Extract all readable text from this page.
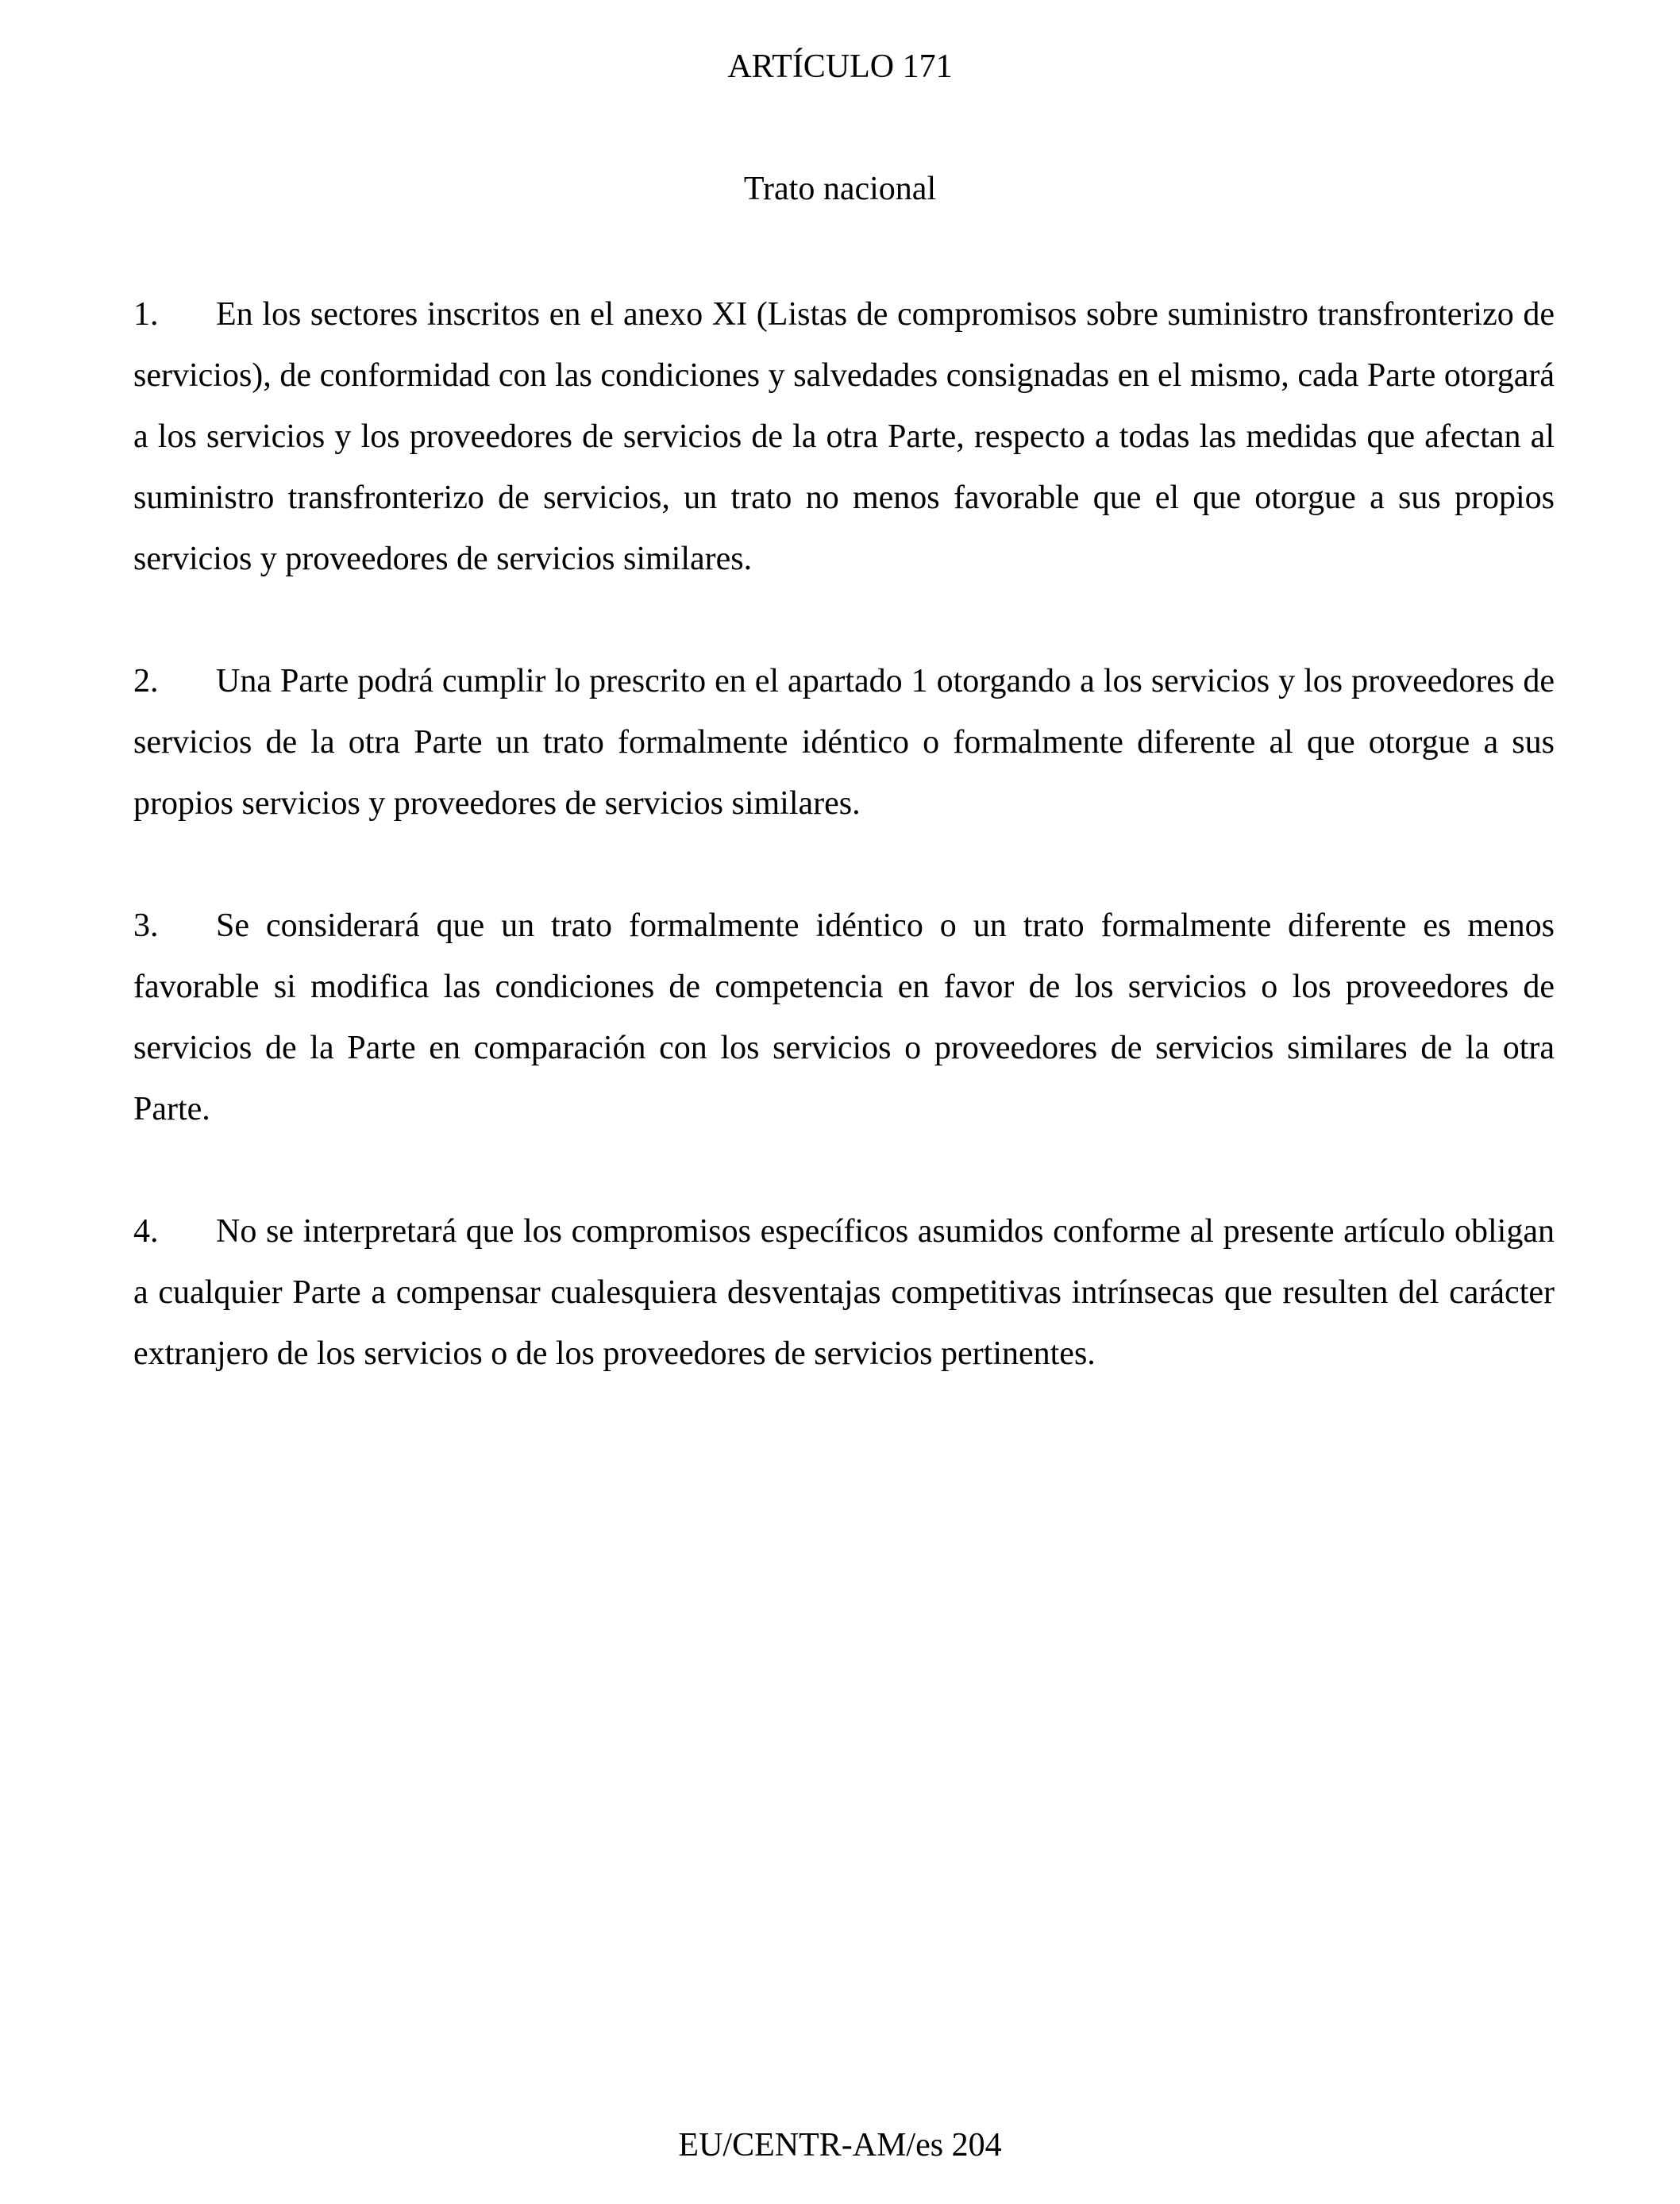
ARTÍCULO 171
Trato nacional

1. En los sectores inscritos en el anexo XI (Listas de compromisos sobre suministro transfronterizo de servicios), de conformidad con las condiciones y salvedades consignadas en el mismo, cada Parte otorgará a los servicios y los proveedores de servicios de la otra Parte, respecto a todas las medidas que afectan al suministro transfronterizo de servicios, un trato no menos favorable que el que otorgue a sus propios servicios y proveedores de servicios similares.

2. Una Parte podrá cumplir lo prescrito en el apartado 1 otorgando a los servicios y los proveedores de servicios de la otra Parte un trato formalmente idéntico o formalmente diferente al que otorgue a sus propios servicios y proveedores de servicios similares.

3. Se considerará que un trato formalmente idéntico o un trato formalmente diferente es menos favorable si modifica las condiciones de competencia en favor de los servicios o los proveedores de servicios de la Parte en comparación con los servicios o proveedores de servicios similares de la otra Parte.

4. No se interpretará que los compromisos específicos asumidos conforme al presente artículo obligan a cualquier Parte a compensar cualesquiera desventajas competitivas intrínsecas que resulten del carácter extranjero de los servicios o de los proveedores de servicios pertinentes.

EU/CENTR-AM/es 204
